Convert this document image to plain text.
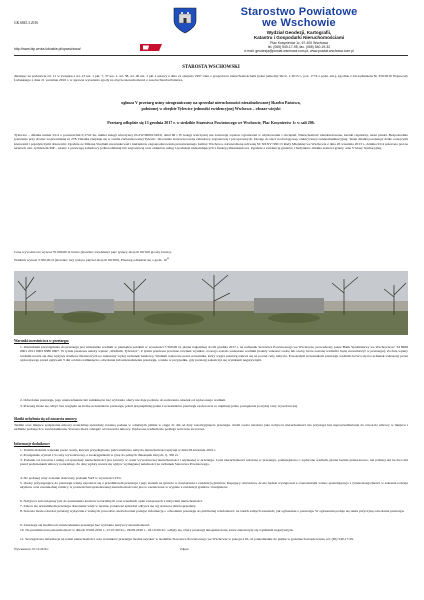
GK.6845.3.2016
Starostwo Powiatowe
we Wschowie
Wydział Geodezji, Kartografii,
Katastru i Gospodarki Nieruchomościami
Plac Kosynierów 1c, 67-400 Wschowa
tel. (065) 540-17-95, fax. (065) 540-19-32
e-mail: geodezja@powiat.wschowa.com.pl, www.powiat.wschowa.com.pl
http://www.bip.wrota.lubuskie.pl/spwschowa/
STAROSTA WSCHOWSKI
działając na podstawie art. 11 w związku z art. 23 ust. 1 pkt. 7, 37 ust. 1, art. 38, art. 40 ust. 1 pkt 1 ustawy z dnia 21 sierpnia 1997 roku o gospodarce nieruchomościami (tekst jednolity Dz.U. z 2015 r., poz. 1774 z późn. zm.), zgodnie z Zarządzeniem Nr 350/2010 Wojewody Lubuskiego z dnia 21 września 2010 r. w sprawie wyrażenia zgody na zbycie nieruchomości z zasobu Skarbu Państwa,
ogłasza V przetarg ustny nieograniczony na sprzedaż nieruchomości niezabudowanej Skarbu Państwa,
położonej w obrębie Tylewice jednostki ewidencyjnej Wschowa – obszar wiejski
Przetarg odbędzie się 13 grudnia 2017 r. w siedzibie Starostwa Powiatowego we Wschowie, Plac Kosynierów 1c w sali 206.
Tylewice – działka numer 91/4 o powierzchni 0,1722 ha, numer księgi wieczystej ZG1W/00001549/9, dział III i IV księgi wieczystej nie zawierają wpisów ograniczeń w użytkowaniu i obciążeń. Nieruchomość niezabudowana, kształt regularny, teren płaski. Bezpośrednie położenie przy drodze wojewódzkiej nr 278. Działka znajduje się w strefie zurbanizowanej Tylewic. Otoczenie stanowią tereny zabudowy zagrodowej i pól uprawnych. Dostęp do sieci wodociągowej, elektrycznej i telekomunikacyjnej. Teren działki porośnięty dziko rosnącymi krzewami i pojedynczymi drzewami. Zgodnie ze Zmianą Studium uwarunkowań i kierunków zagospodarowania przestrzennego Gminy Wschowa, zatwierdzoną uchwałą Nr XXXV/350/13 Rady Miejskiej we Wschowie z dnia 26 września 2013 r., działka 91/4 położona jest na terenach ozn. symbolem MP – tereny z przewagą zabudowy jednorodzinnej lub zagrodowej oraz obiektów usług i produkcji niekolidujących z funkcją mieszkaniową. Zgodnie z ewidencją gruntów i budynków działka stanowi grunty orne V klasy bonitacyjnej.
Cena wywoławcza wynosi 35 000,00 zł brutto (słownie: trzydzieści pięć tysięcy złotych 00/100 groszy brutto).
Wadium wynosi 3 500,00 zł (słownie: trzy tysiące pięćset złotych 00/100). Przetarg odbędzie się o godz. $10^{00}$
Warunki uczestnictwa w przetargu:
1. Warunkiem przystąpienia do przetargu jest wniesienie wadium w pieniądzu polskim w wysokości 3 500,00 zł, płatne najpóźniej do 09 grudnia 2017 r. na rachunek Starostwa Powiatowego we Wschowie, prowadzony przez Bank Spółdzielczy we Wschowie nr: 34 8669 0001 2011 0003 8380 0007. W tytule przelewu należy wpisać „Wadium, Tylewice”. Z tytułu przelewu powinno również wynikać, za kogo zostało wniesione wadium (należy wskazać osobę lub osoby, które zostaną wadium i będą uczestniczyć w przetargu). Za datę wpłaty wadium uważa się datę wpływu środków finansowych na wskazany wyżej rachunek bankowy. Wadium wpłacone przez uczestnika, który wygra przetarg zalicza się na poczet ceny nabycia. Pozostałym uczestnikom przetargu wadium zwraca się na rachunek wskazany przez wpłacającego przed upływem 3 dni od dnia zamknięcia, odwołania lub unieważnienia przetargu, a także w przypadku, gdy przetarg zakończył się wynikiem negatywnym.
2. Odwołanie przetargu, jego unieważnienie lub zamknięcie bez wybrania oferty nie daje podstaw do naliczania odsetek od wpłaconego wadium.
3. Przetarg może się odbyć bez względu na liczbę uczestników przetargu, jeżeli przynajmniej jeden z uczestników przetargu zaoferował co najmniej jedno postąpienie powyżej ceny wywoławczej.
Skutki uchylenia się od zawarcia umowy:
Termin oraz miejsce podpisania umowy notarialnej sprzedaży zostaną podane w odrębnym piśmie w ciągu 21 dni od daty rozstrzygnięcia przetargu. Jeżeli osoba ustalona jako nabywca nieruchomości nie przystąpi bez usprawiedliwienia do zawarcia umowy w miejscu i terminie podanych w zawiadomieniu, Starosta może odstąpić od zawarcia umowy. Wpłacone wadium nie podlega wówczas zwrotowi.
Informacje dodatkowe:
1. Termin złożenia wniosku przez osoby, którym przysługiwało pierwszeństwo nabycia nieruchomości upłynął w dniu 06 kwietnia 2016 r.
2. Postąpienie wynosi 1% ceny wywoławczej, z zaokrągleniem w górę do pełnych dziesiątek złotych, tj. 350 zł.
3. Podatek od towarów i usług od sprzedaży nieruchomości jest zawarty w cenie wywoławczej nieruchomości i uzyskanej w przetargu. Cena nieruchomości ustalona w przetargu, pomniejszona o wpłacone wadium, płatna będzie jednorazowo, nie później niż na dwa dni przed podpisaniem umowy notarialnej. Za datę wpłaty uważa się wpływ wymaganej należności na rachunek Starostwa Powiatowego.
4. Do podanej ceny zostanie doliczony podatek VAT w wysokości 23%.
5. Osoby przystępujące do przetargu winny zapoznać się z przedmiotem przetargu i jego stanem na gruncie w nawiązaniu z ewidencją gruntów. Kupujący oświadcza, że nie będzie występował z roszczeniami wobec sprzedającego z tytułu niezgodności w zakresie rodzaju użytków oraz ewentualnej różnicy w powierzchni sprzedawanej nieruchomości niż jest to zaznaczone w wypisie z ewidencji gruntów i budynków.
6. Nabywca zobowiązany jest do poniesienia kosztów notarialnych oraz wszelkich opłat związanych z nabyciem nieruchomości.
7. Zaleca się uczestnikom przetargu dokonanie wizji w terenie, ponieważ sprzedaż odbywa się wg stanu na dzień sprzedaży.
8. Starosta może odwołać przetarg wyłącznie z ważnych powodów, niezwłocznie podając informację o odwołaniu przetargu do publicznej wiadomości, na takich samych zasadach, jak ogłoszenie o przetargu. W ogłoszeniu podaje się także przyczynę odwołania przetargu.
9. Zastrzega się możliwość unieważnienia przetargu bez wybrania nabywcy nieruchomości.
10. Na przedmiotową nieruchomość w dniach 03.06.2016 r., 27.07.2016 r., 06.09.2016 r., 18.10.2016 r. odbyły się cztery przetargi nieograniczone, które zakończyły się wynikiem negatywnym.
11. Szczegółowe informacje na temat nieruchomości oraz warunków przetargu można uzyskać w siedzibie Starostwa Powiatowego we Wschowie w pokoju 219, od poniedziałku do piątku w godzinach urzędowania, tel. (65) 540-17-95.
Wywieszono: 07.12.2016 r.	Zdjęto:
